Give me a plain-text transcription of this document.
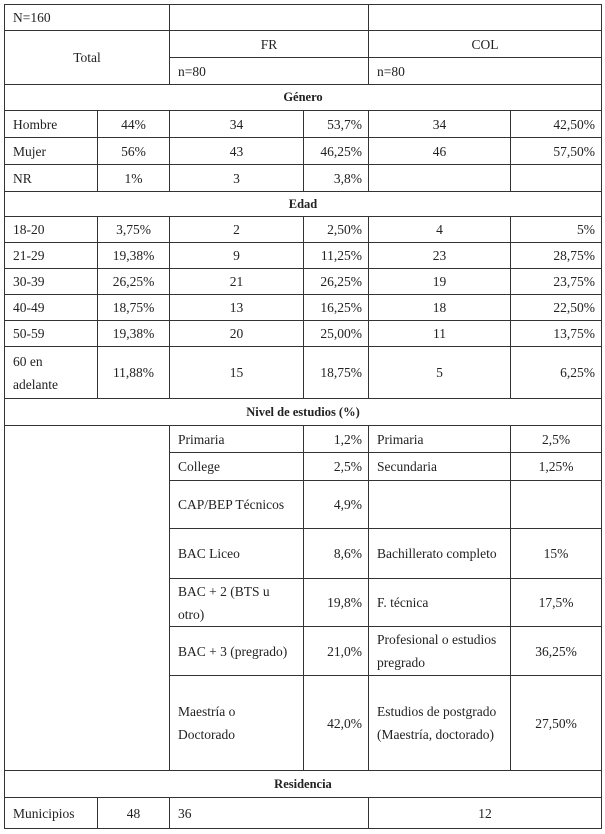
N=160					
Total		FR		COL	
		n=80		n=80	
Género					
Hombre	44%	34	53,7%	34	42,50%
Mujer	56%	43	46,25%	46	57,50%
NR	1%	3	3,8%		
Edad					
18-20	3,75%	2	2,50%	4	5%
21-29	19,38%	9	11,25%	23	28,75%
30-39	26,25%	21	26,25%	19	23,75%
40-49	18,75%	13	16,25%	18	22,50%
50-59	19,38%	20	25,00%	11	13,75%
60 en adelante	11,88%	15	18,75%	5	6,25%
Nivel de estudios (%)					
		Primaria	1,2%	Primaria	2,5%
		College	2,5%	Secundaria	1,25%
		CAP/BEP Técnicos	4,9%		
		BAC Liceo	8,6%	Bachillerato completo	15%
		BAC + 2 (BTS u otro)	19,8%	F. técnica	17,5%
		BAC + 3 (pregrado)	21,0%	Profesional o estudios pregrado	36,25%
		Maestría o Doctorado	42,0%	Estudios de postgrado (Maestría, doctorado)	27,50%
Residencia					
Municipios	48	36		12	
